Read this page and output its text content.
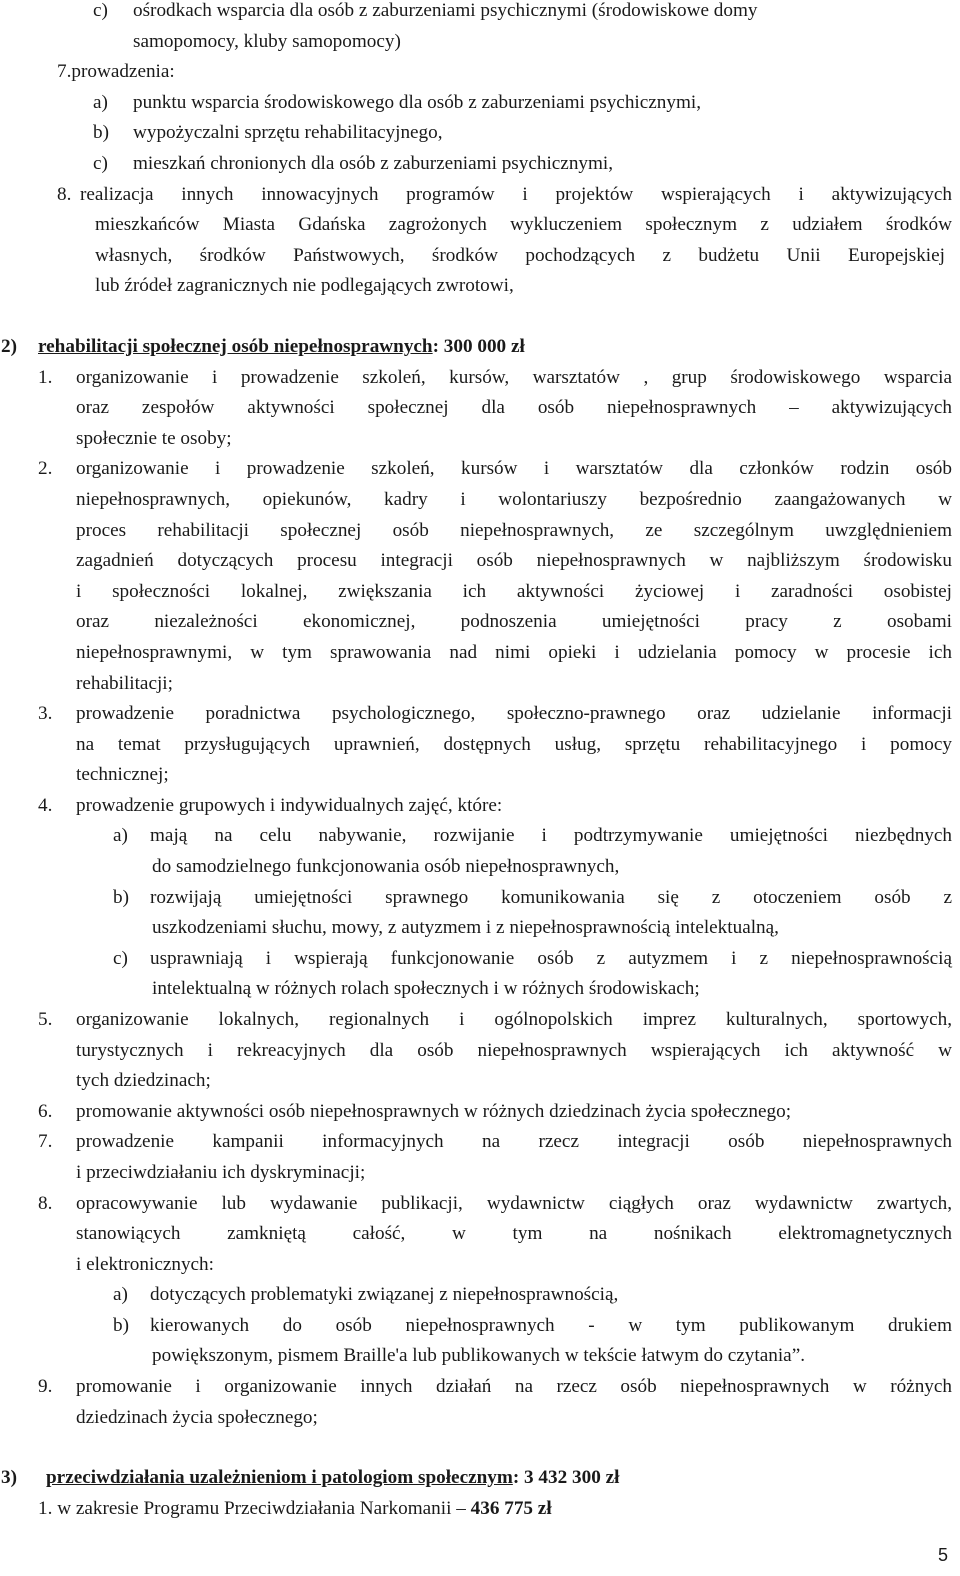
c) ośrodkach wsparcia dla osób z zaburzeniami psychicznymi (środowiskowe domy
samopomocy, kluby samopomocy)
7.prowadzenia:
a) punktu wsparcia środowiskowego dla osób z zaburzeniami psychicznymi,
b) wypożyczalni sprzętu rehabilitacyjnego,
c) mieszkań chronionych dla osób z zaburzeniami psychicznymi,
8. realizacja innych innowacyjnych programów i projektów wspierających i aktywizujących
mieszkańców Miasta Gdańska zagrożonych wykluczeniem społecznym z udziałem środków
własnych, środków Państwowych, środków pochodzących z budżetu Unii Europejskiej
lub źródeł zagranicznych nie podlegających zwrotowi,
2) rehabilitacji społecznej osób niepełnosprawnych: 300 000 zł
1. organizowanie i prowadzenie szkoleń, kursów, warsztatów , grup środowiskowego wsparcia
oraz zespołów aktywności społecznej dla osób niepełnosprawnych – aktywizujących
społecznie te osoby;
2. organizowanie i prowadzenie szkoleń, kursów i warsztatów dla członków rodzin osób
niepełnosprawnych, opiekunów, kadry i wolontariuszy bezpośrednio zaangażowanych w
proces rehabilitacji społecznej osób niepełnosprawnych, ze szczególnym uwzględnieniem
zagadnień dotyczących procesu integracji osób niepełnosprawnych w najbliższym środowisku
i społeczności lokalnej, zwiększania ich aktywności życiowej i zaradności osobistej
oraz niezależności ekonomicznej, podnoszenia umiejętności pracy z osobami
niepełnosprawnymi, w tym sprawowania nad nimi opieki i udzielania pomocy w procesie ich
rehabilitacji;
3. prowadzenie poradnictwa psychologicznego, społeczno-prawnego oraz udzielanie informacji
na temat przysługujących uprawnień, dostępnych usług, sprzętu rehabilitacyjnego i pomocy
technicznej;
4. prowadzenie grupowych i indywidualnych zajęć, które:
a) mają na celu nabywanie, rozwijanie i podtrzymywanie umiejętności niezbędnych
do samodzielnego funkcjonowania osób niepełnosprawnych,
b) rozwijają umiejętności sprawnego komunikowania się z otoczeniem osób z
uszkodzeniami słuchu, mowy, z autyzmem i z niepełnosprawnością intelektualną,
c) usprawniają i wspierają funkcjonowanie osób z autyzmem i z niepełnosprawnością
intelektualną w różnych rolach społecznych i w różnych środowiskach;
5. organizowanie lokalnych, regionalnych i ogólnopolskich imprez kulturalnych, sportowych,
turystycznych i rekreacyjnych dla osób niepełnosprawnych wspierających ich aktywność w
tych dziedzinach;
6. promowanie aktywności osób niepełnosprawnych w różnych dziedzinach życia społecznego;
7. prowadzenie kampanii informacyjnych na rzecz integracji osób niepełnosprawnych
i przeciwdziałaniu ich dyskryminacji;
8. opracowywanie lub wydawanie publikacji, wydawnictw ciągłych oraz wydawnictw zwartych,
stanowiących zamkniętą całość, w tym na nośnikach elektromagnetycznych
i elektronicznych:
a) dotyczących problematyki związanej z niepełnosprawnością,
b) kierowanych do osób niepełnosprawnych - w tym publikowanym drukiem
powiększonym, pismem Braille'a lub publikowanych w tekście łatwym do czytania”.
9. promowanie i organizowanie innych działań na rzecz osób niepełnosprawnych w różnych
dziedzinach życia społecznego;
3) przeciwdziałania uzależnieniom i patologiom społecznym: 3 432 300 zł
1. w zakresie Programu Przeciwdziałania Narkomanii – 436 775 zł
5
